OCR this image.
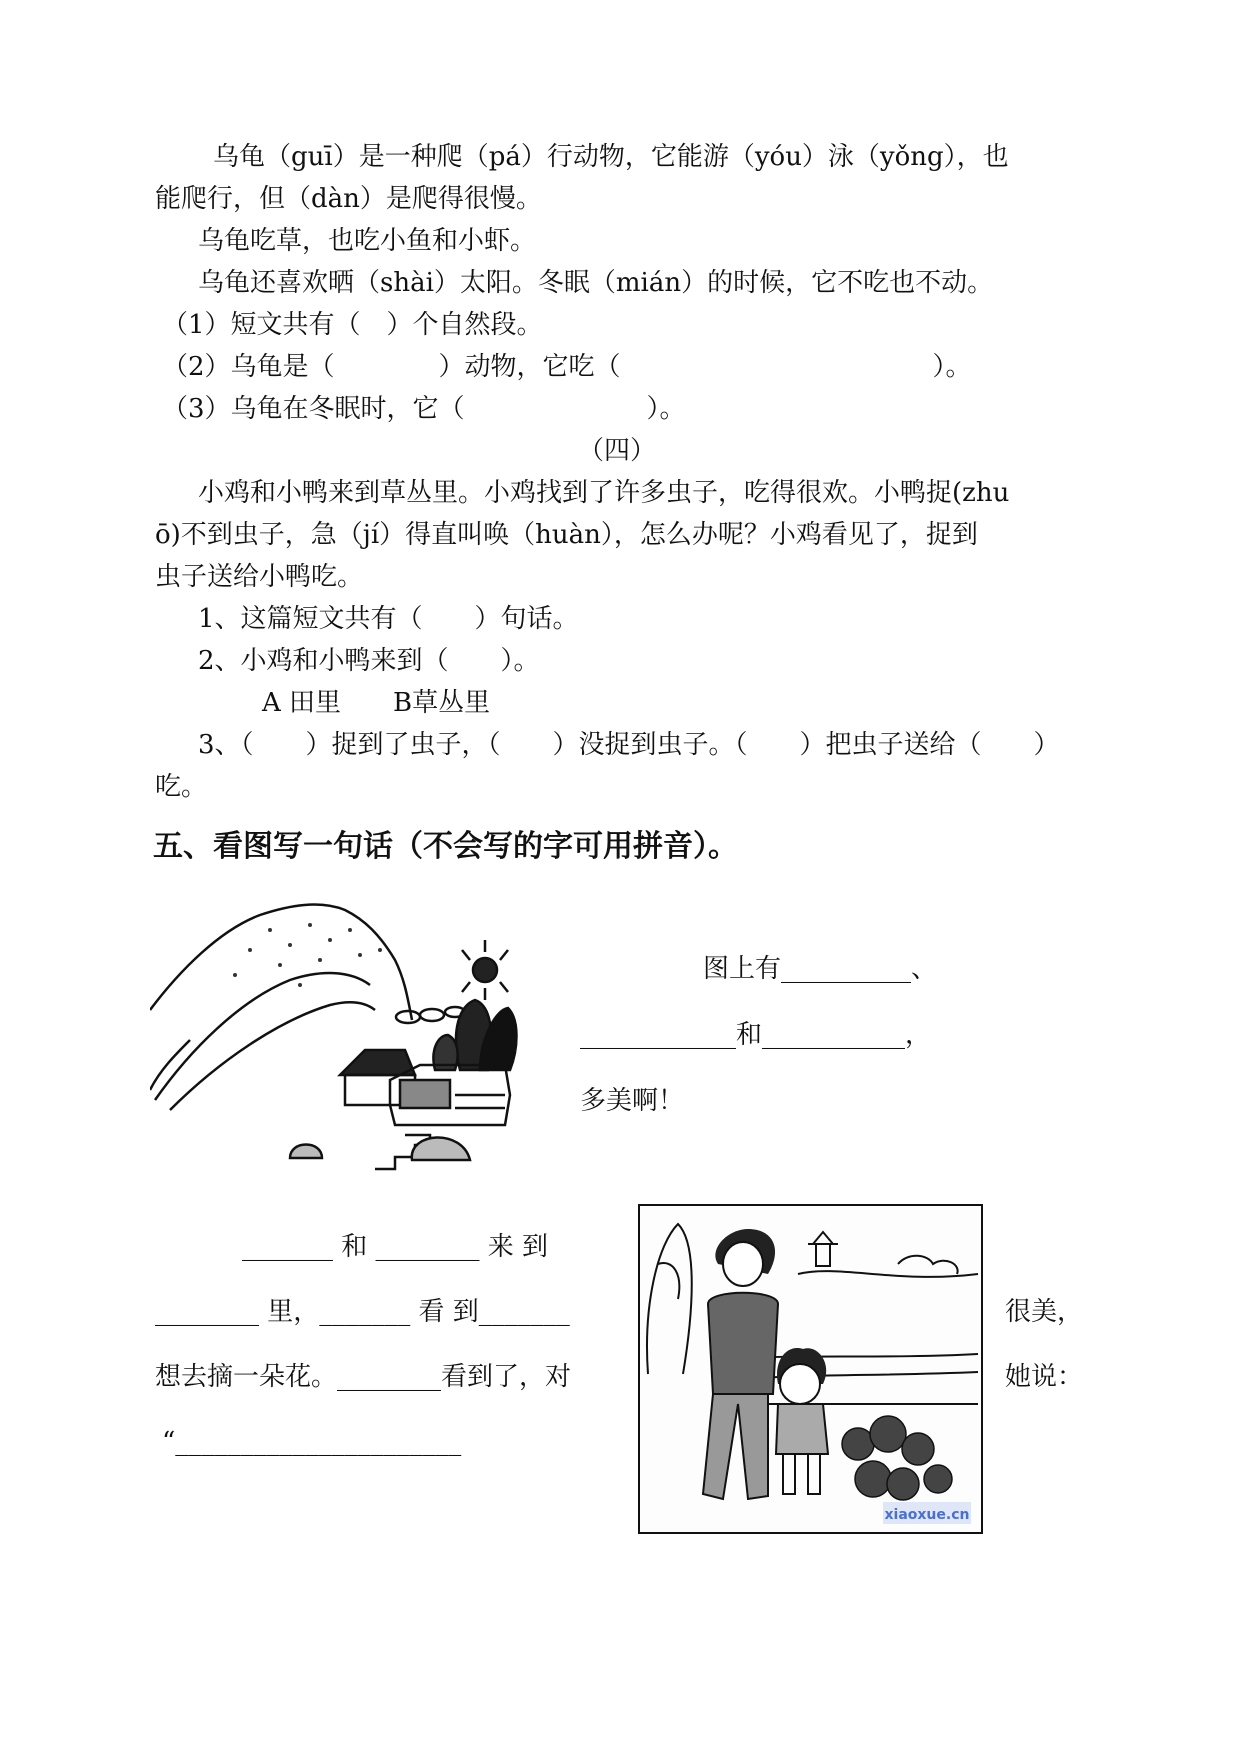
乌龟（guī）是一种爬（pá）行动物，它能游（yóu）泳（yǒng），也
能爬行，但（dàn）是爬得很慢。
乌龟吃草，也吃小鱼和小虾。
乌龟还喜欢晒（shài）太阳。冬眠（mián）的时候，它不吃也不动。
（1）短文共有（　）个自然段。
（2）乌龟是（　　　　）动物，它吃（　　　　　　　　　　　　）。
（3）乌龟在冬眠时，它（　　　　　　　）。
（四）
小鸡和小鸭来到草丛里。小鸡找到了许多虫子，吃得很欢。小鸭捉(zhu
ō)不到虫子，急（jí）得直叫唤（huàn），怎么办呢？小鸡看见了，捉到
虫子送给小鸭吃。
1、这篇短文共有（　　）句话。
2、小鸡和小鸭来到（　　）。
A 田里　　B草丛里
3、（　　）捉到了虫子，（　　）没捉到虫子。（　　）把虫子送给（　　）
吃。
五、看图写一句话（不会写的字可用拼音）。
图上有__________、
____________和___________，
多美啊！
_______ 和 ________ 来 到
________ 里，_______ 看 到_______	很美，
想去摘一朵花。________看到了，对	她说：
“______________________
xiaoxue.cn
